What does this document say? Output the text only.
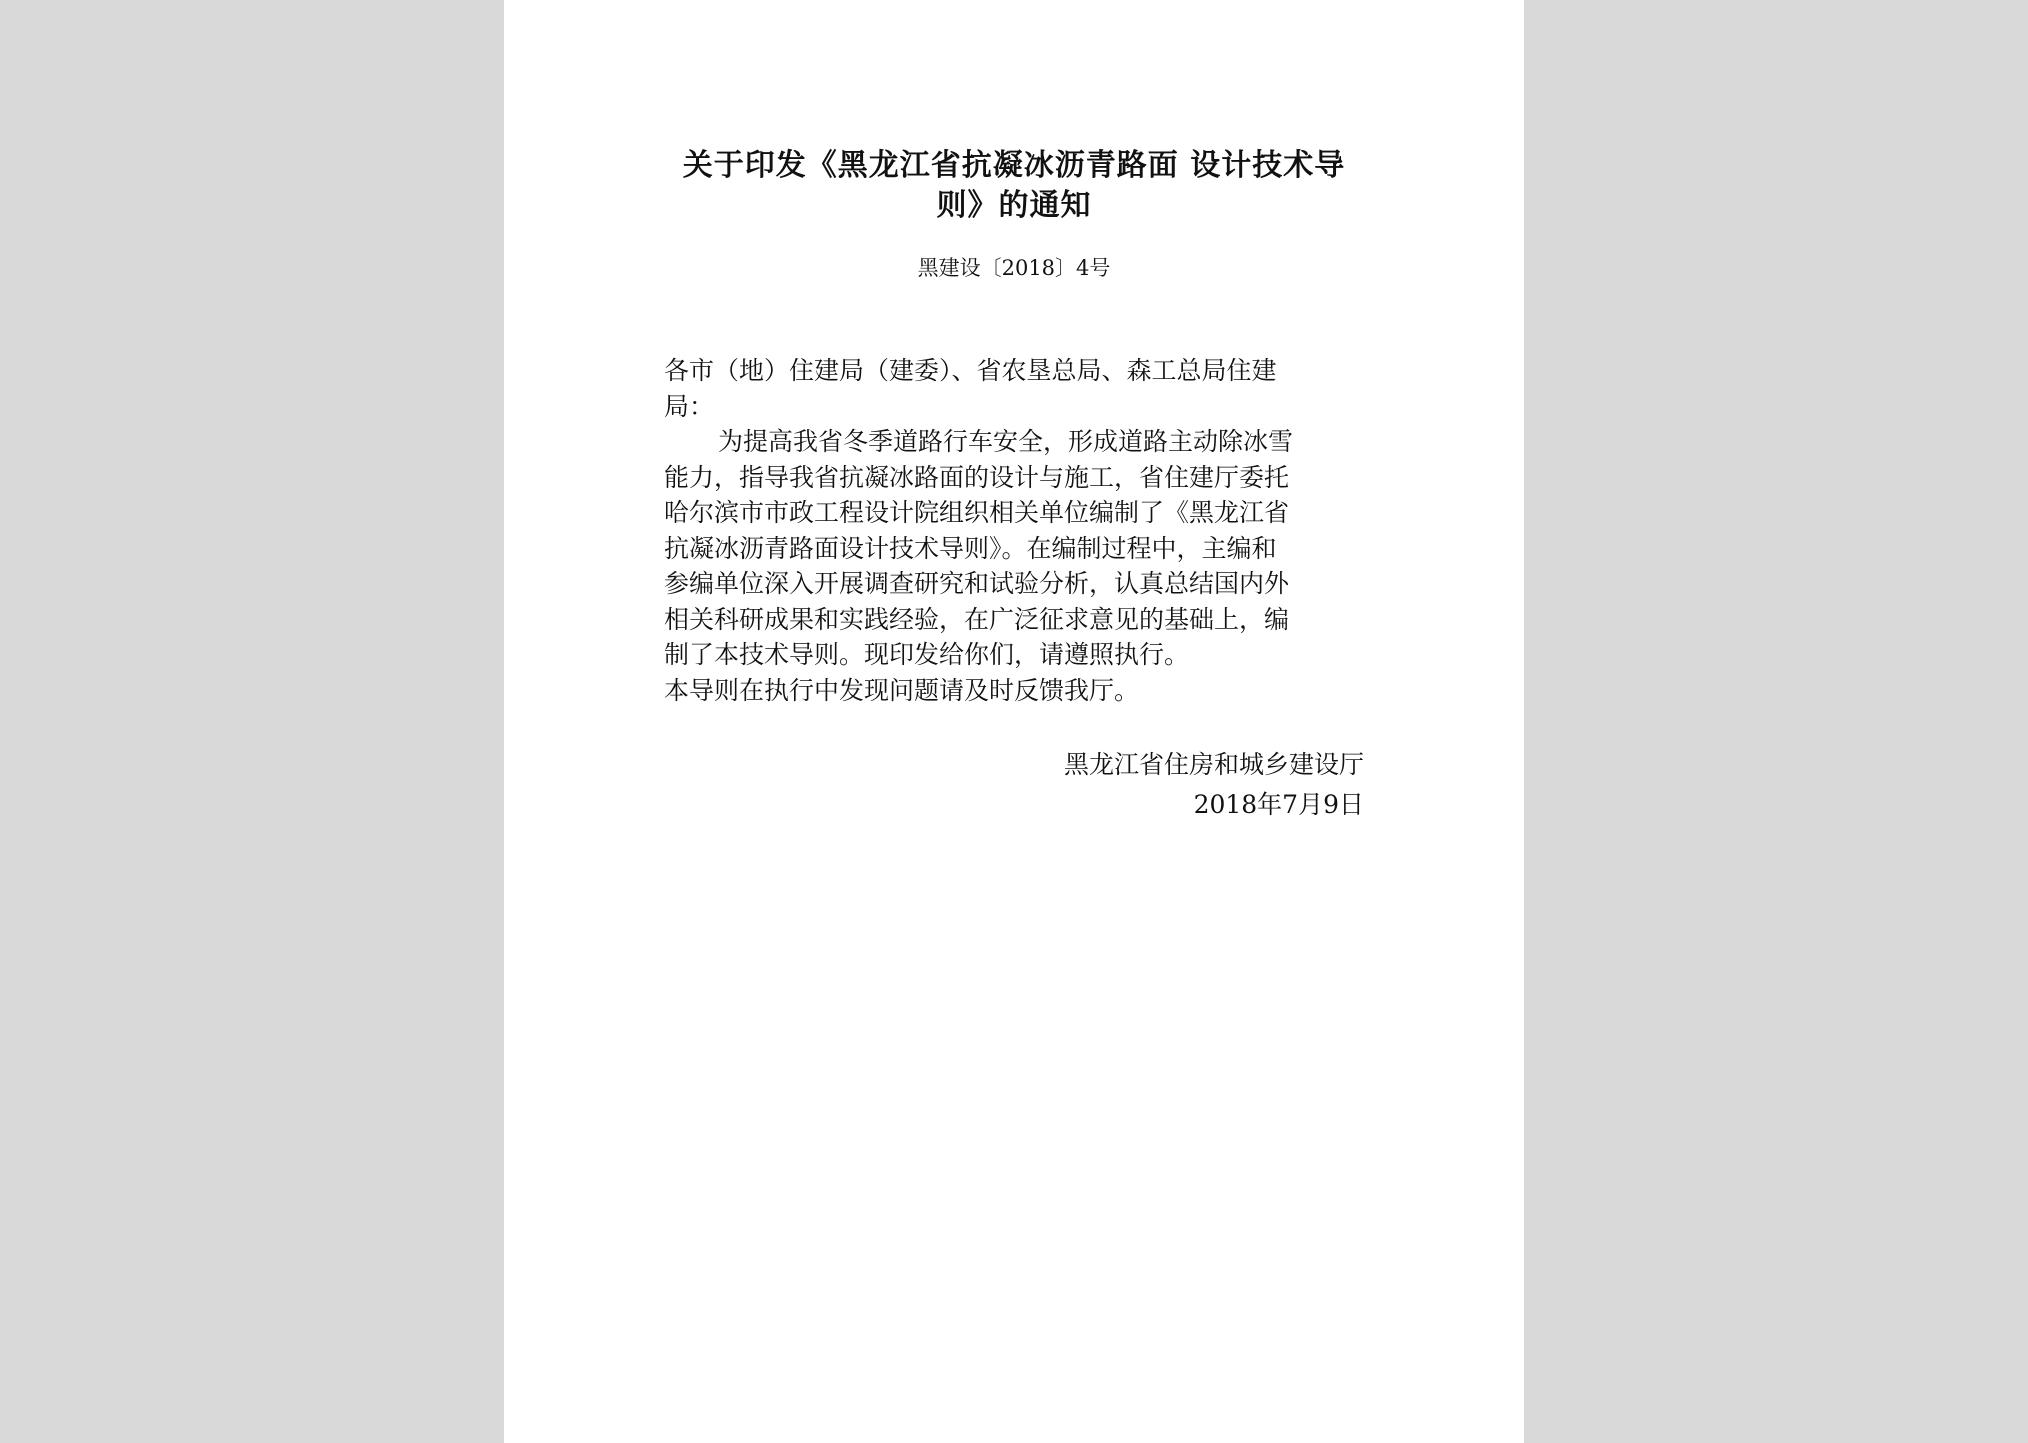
关于印发《黑龙江省抗凝冰沥青路面 设计技术导
则》的通知
黑建设〔2018〕4号
各市（地）住建局（建委）、省农垦总局、森工总局住建
局：
为提高我省冬季道路行车安全，形成道路主动除冰雪
能力，指导我省抗凝冰路面的设计与施工，省住建厅委托
哈尔滨市市政工程设计院组织相关单位编制了《黑龙江省
抗凝冰沥青路面设计技术导则》。在编制过程中，主编和
参编单位深入开展调查研究和试验分析，认真总结国内外
相关科研成果和实践经验，在广泛征求意见的基础上，编
制了本技术导则。现印发给你们，请遵照执行。
本导则在执行中发现问题请及时反馈我厅。
黑龙江省住房和城乡建设厅
2018年7月9日
